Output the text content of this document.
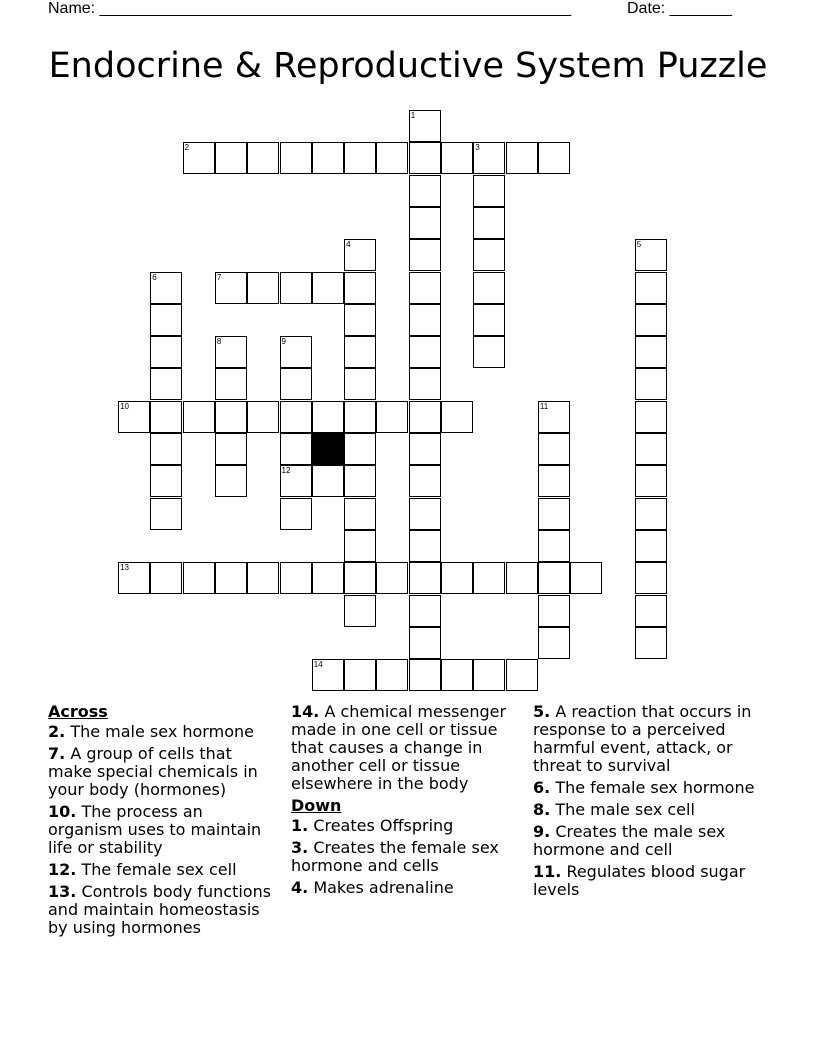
Name: _____________________________________________________	Date: _______
Endocrine & Reproductive System Puzzle
1
2	3
4	5
6	7
8	9
10	11
12
13
14
Across
2. The male sex hormone
7. A group of cells that make special chemicals in your body (hormones)
10. The process an organism uses to maintain life or stability
12. The female sex cell
13. Controls body functions and maintain homeostasis by using hormones
14. A chemical messenger made in one cell or tissue that causes a change in another cell or tissue elsewhere in the body
Down
1. Creates Offspring
3. Creates the female sex hormone and cells
4. Makes adrenaline
5. A reaction that occurs in response to a perceived harmful event, attack, or threat to survival
6. The female sex hormone
8. The male sex cell
9. Creates the male sex hormone and cell
11. Regulates blood sugar levels
